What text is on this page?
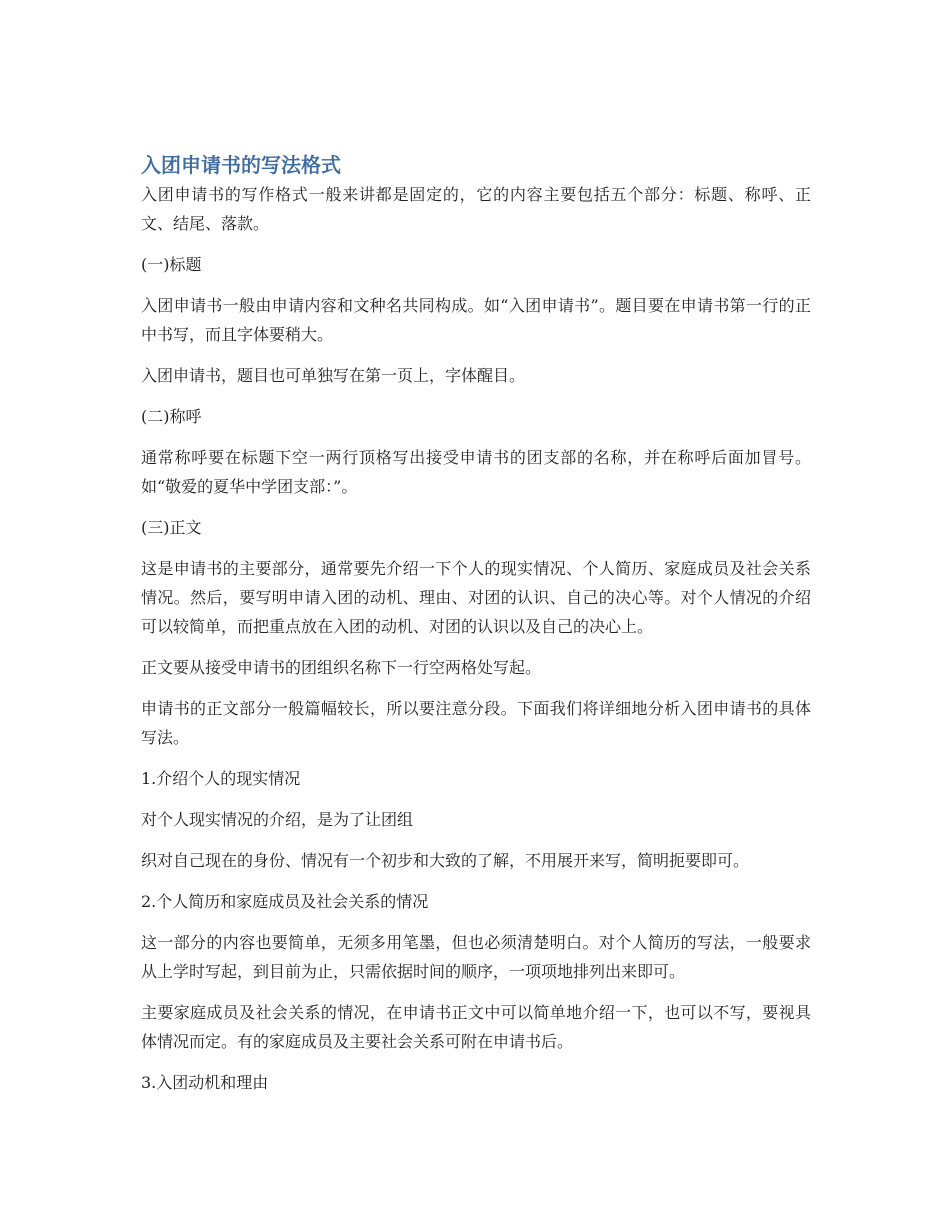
入团申请书的写法格式

入团申请书的写作格式一般来讲都是固定的，它的内容主要包括五个部分：标题、称呼、正文、结尾、落款。

(一)标题

入团申请书一般由申请内容和文种名共同构成。如“入团申请书”。题目要在申请书第一行的正中书写，而且字体要稍大。

入团申请书，题目也可单独写在第一页上，字体醒目。

(二)称呼

通常称呼要在标题下空一两行顶格写出接受申请书的团支部的名称，并在称呼后面加冒号。如“敬爱的夏华中学团支部：”。

(三)正文

这是申请书的主要部分，通常要先介绍一下个人的现实情况、个人简历、家庭成员及社会关系情况。然后，要写明申请入团的动机、理由、对团的认识、自己的决心等。对个人情况的介绍可以较简单，而把重点放在入团的动机、对团的认识以及自己的决心上。

正文要从接受申请书的团组织名称下一行空两格处写起。

申请书的正文部分一般篇幅较长，所以要注意分段。下面我们将详细地分析入团申请书的具体写法。

1.介绍个人的现实情况

对个人现实情况的介绍，是为了让团组

织对自己现在的身份、情况有一个初步和大致的了解，不用展开来写，简明扼要即可。

2.个人简历和家庭成员及社会关系的情况

这一部分的内容也要简单，无须多用笔墨，但也必须清楚明白。对个人简历的写法，一般要求从上学时写起，到目前为止，只需依据时间的顺序，一项项地排列出来即可。

主要家庭成员及社会关系的情况，在申请书正文中可以简单地介绍一下，也可以不写，要视具体情况而定。有的家庭成员及主要社会关系可附在申请书后。

3.入团动机和理由
